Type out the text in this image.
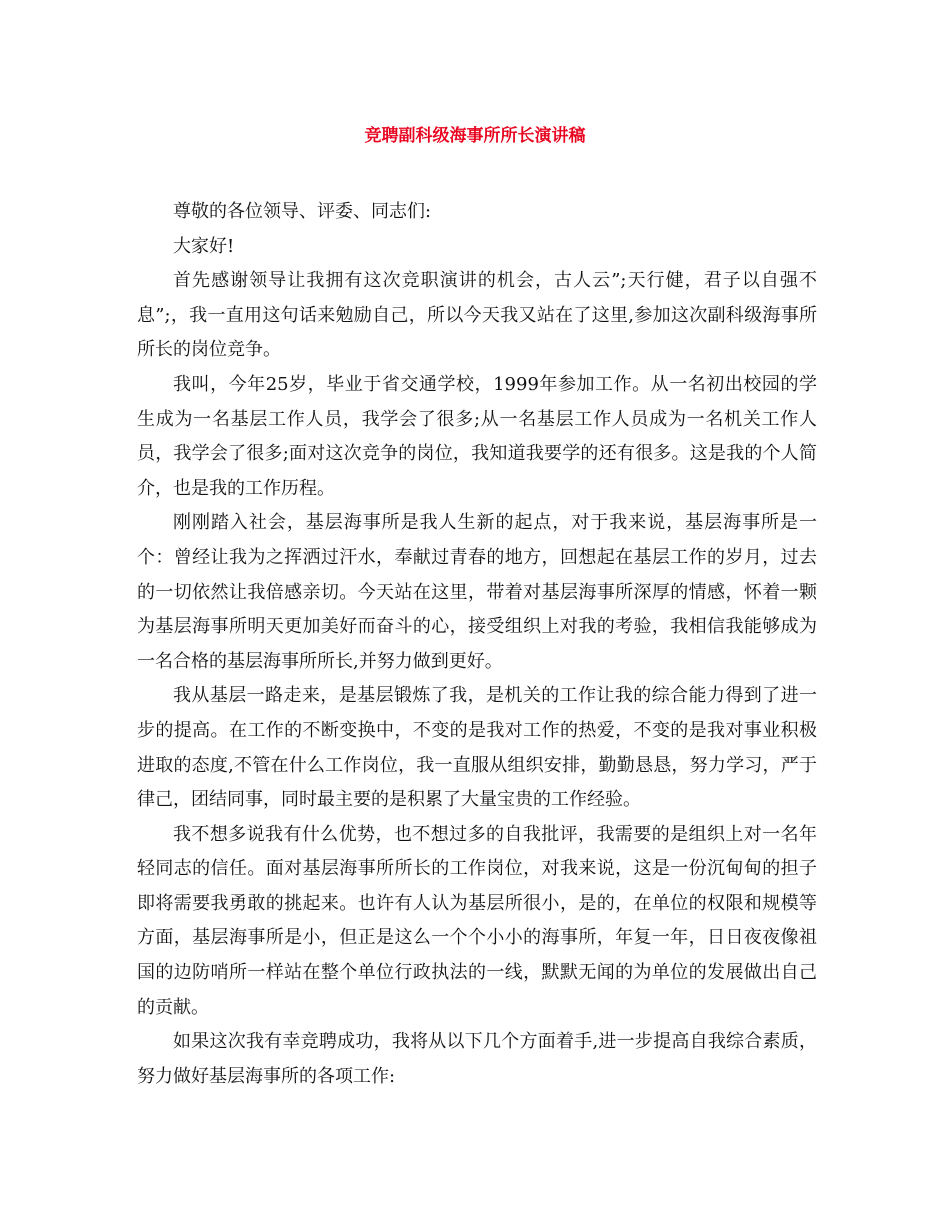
竞聘副科级海事所所长演讲稿

尊敬的各位领导、评委、同志们:

大家好!

首先感谢领导让我拥有这次竞职演讲的机会，古人云”;天行健，君子以自强不息”;，我一直用这句话来勉励自己，所以今天我又站在了这里,参加这次副科级海事所所长的岗位竞争。

我叫，今年25岁，毕业于省交通学校，1999年参加工作。从一名初出校园的学生成为一名基层工作人员，我学会了很多;从一名基层工作人员成为一名机关工作人员，我学会了很多;面对这次竞争的岗位，我知道我要学的还有很多。这是我的个人简介，也是我的工作历程。

刚刚踏入社会，基层海事所是我人生新的起点，对于我来说，基层海事所是一个：曾经让我为之挥洒过汗水，奉献过青春的地方，回想起在基层工作的岁月，过去的一切依然让我倍感亲切。今天站在这里，带着对基层海事所深厚的情感，怀着一颗为基层海事所明天更加美好而奋斗的心，接受组织上对我的考验，我相信我能够成为一名合格的基层海事所所长,并努力做到更好。

我从基层一路走来，是基层锻炼了我，是机关的工作让我的综合能力得到了进一步的提高。在工作的不断变换中，不变的是我对工作的热爱，不变的是我对事业积极进取的态度,不管在什么工作岗位，我一直服从组织安排，勤勤恳恳，努力学习，严于律己，团结同事，同时最主要的是积累了大量宝贵的工作经验。

我不想多说我有什么优势，也不想过多的自我批评，我需要的是组织上对一名年轻同志的信任。面对基层海事所所长的工作岗位，对我来说，这是一份沉甸甸的担子即将需要我勇敢的挑起来。也许有人认为基层所很小，是的，在单位的权限和规模等方面，基层海事所是小，但正是这么一个个小小的海事所，年复一年，日日夜夜像祖国的边防哨所一样站在整个单位行政执法的一线，默默无闻的为单位的发展做出自己的贡献。

如果这次我有幸竞聘成功，我将从以下几个方面着手,进一步提高自我综合素质，努力做好基层海事所的各项工作:
